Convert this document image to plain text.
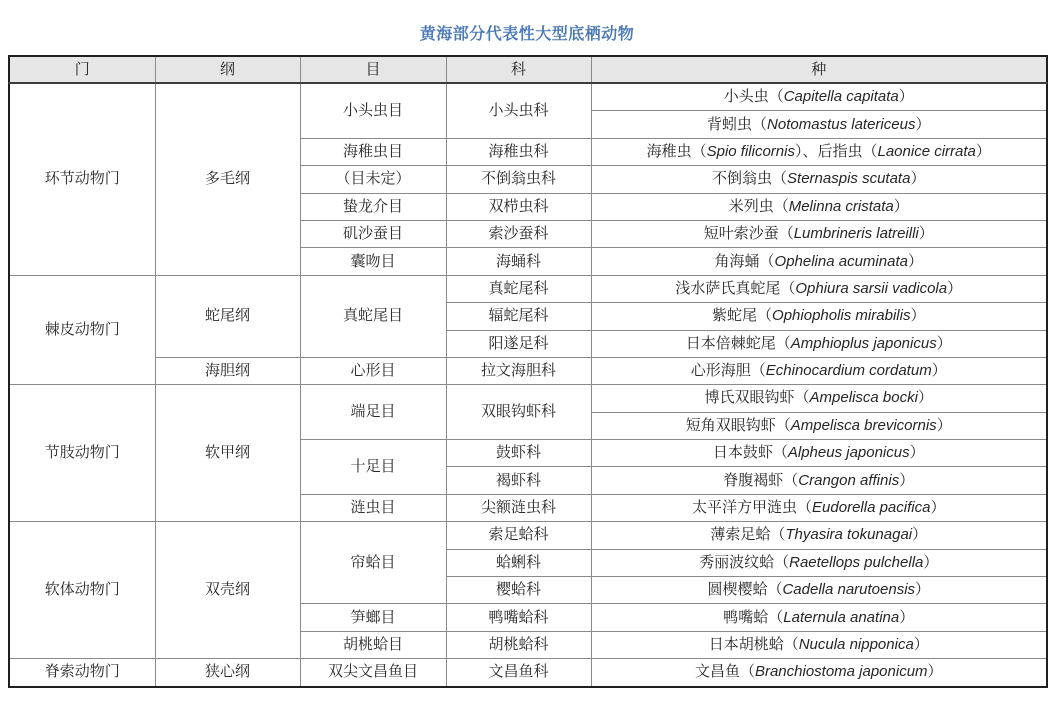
黄海部分代表性大型底栖动物
门	纲	目	科	种
环节动物门	多毛纲	小头虫目	小头虫科	小头虫（Capitella capitata）
				背蚓虫（Notomastus latericeus）
		海稚虫目	海稚虫科	海稚虫（Spio filicornis）、后指虫（Laonice cirrata）
		（目未定）	不倒翁虫科	不倒翁虫（Sternaspis scutata）
		蛰龙介目	双栉虫科	米列虫（Melinna cristata）
		矶沙蚕目	索沙蚕科	短叶索沙蚕（Lumbrineris latreilli）
		囊吻目	海蛹科	角海蛹（Ophelina acuminata）
棘皮动物门	蛇尾纲	真蛇尾目	真蛇尾科	浅水萨氏真蛇尾（Ophiura sarsii vadicola）
			辐蛇尾科	紫蛇尾（Ophiopholis mirabilis）
			阳遂足科	日本倍棘蛇尾（Amphioplus japonicus）
	海胆纲	心形目	拉文海胆科	心形海胆（Echinocardium cordatum）
节肢动物门	软甲纲	端足目	双眼钩虾科	博氏双眼钩虾（Ampelisca bocki）
				短角双眼钩虾（Ampelisca brevicornis）
		十足目	鼓虾科	日本鼓虾（Alpheus japonicus）
			褐虾科	脊腹褐虾（Crangon affinis）
		涟虫目	尖额涟虫科	太平洋方甲涟虫（Eudorella pacifica）
软体动物门	双壳纲	帘蛤目	索足蛤科	薄索足蛤（Thyasira tokunagai）
			蛤蜊科	秀丽波纹蛤（Raetellops pulchella）
			樱蛤科	圆楔樱蛤（Cadella narutoensis）
		笋螂目	鸭嘴蛤科	鸭嘴蛤（Laternula anatina）
		胡桃蛤目	胡桃蛤科	日本胡桃蛤（Nucula nipponica）
脊索动物门	狭心纲	双尖文昌鱼目	文昌鱼科	文昌鱼（Branchiostoma japonicum）
